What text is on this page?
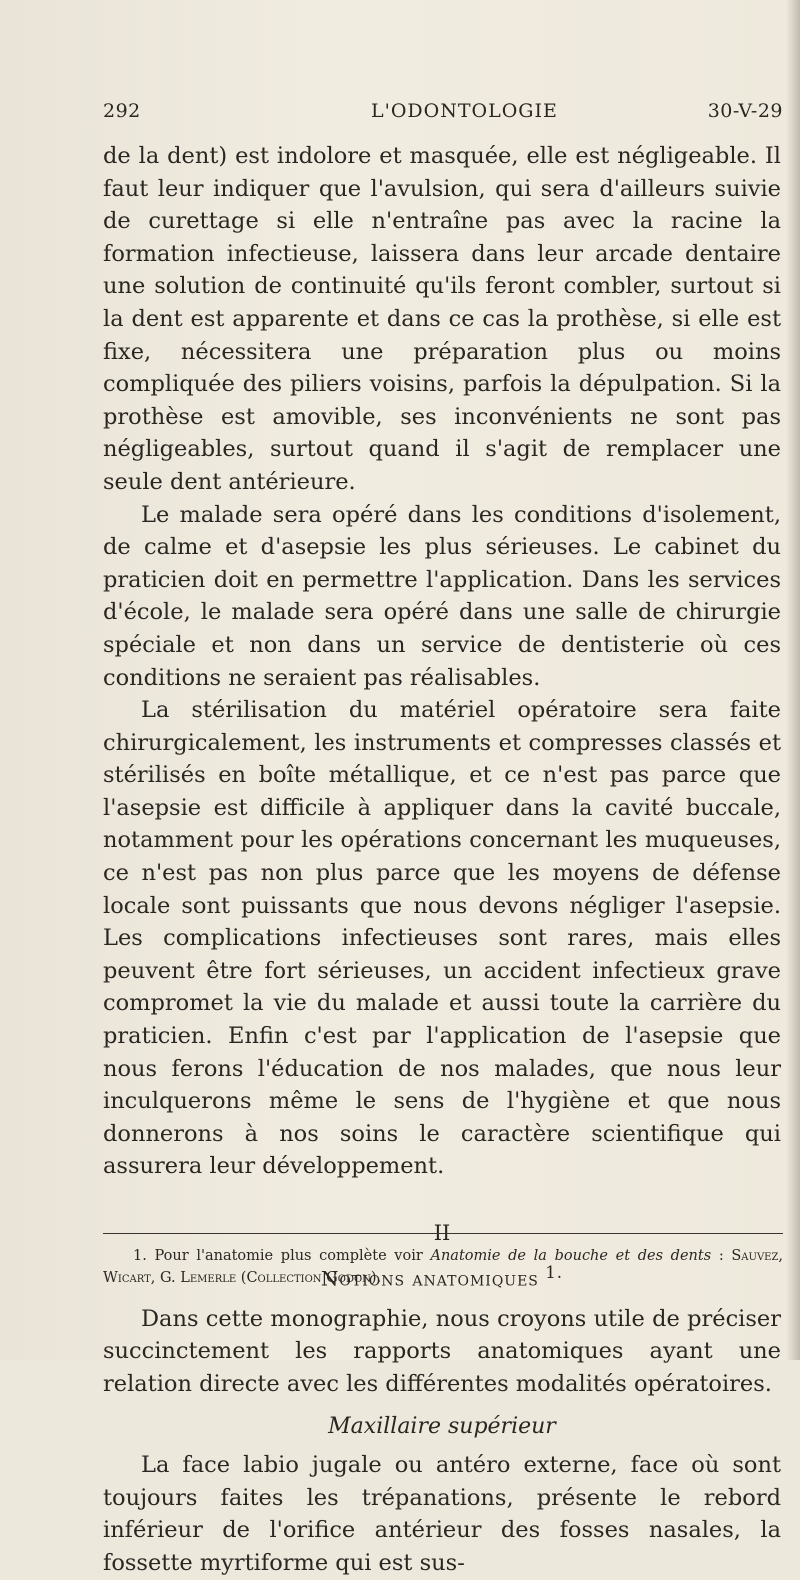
292	L'ODONTOLOGIE	30-V-29

de la dent) est indolore et masquée, elle est négligeable. Il faut leur indiquer que l'avulsion, qui sera d'ailleurs suivie de curettage si elle n'entraîne pas avec la racine la formation infectieuse, laissera dans leur arcade dentaire une solution de continuité qu'ils feront combler, surtout si la dent est apparente et dans ce cas la prothèse, si elle est fixe, nécessitera une préparation plus ou moins compliquée des piliers voisins, parfois la dépulpation. Si la prothèse est amovible, ses inconvénients ne sont pas négligeables, surtout quand il s'agit de remplacer une seule dent antérieure.

Le malade sera opéré dans les conditions d'isolement, de calme et d'asepsie les plus sérieuses. Le cabinet du praticien doit en permettre l'application. Dans les services d'école, le malade sera opéré dans une salle de chirurgie spéciale et non dans un service de dentisterie où ces conditions ne seraient pas réalisables.

La stérilisation du matériel opératoire sera faite chirurgicalement, les instruments et compresses classés et stérilisés en boîte métallique, et ce n'est pas parce que l'asepsie est difficile à appliquer dans la cavité buccale, notamment pour les opérations concernant les muqueuses, ce n'est pas non plus parce que les moyens de défense locale sont puissants que nous devons négliger l'asepsie. Les complications infectieuses sont rares, mais elles peuvent être fort sérieuses, un accident infectieux grave compromet la vie du malade et aussi toute la carrière du praticien. Enfin c'est par l'application de l'asepsie que nous ferons l'éducation de nos malades, que nous leur inculquerons même le sens de l'hygiène et que nous donnerons à nos soins le caractère scientifique qui assurera leur développement.

II
Notions anatomiques $^{1.}$

Dans cette monographie, nous croyons utile de préciser succinctement les rapports anatomiques ayant une relation directe avec les différentes modalités opératoires.

Maxillaire supérieur

La face labio jugale ou antéro externe, face où sont toujours faites les trépanations, présente le rebord inférieur de l'orifice antérieur des fosses nasales, la fossette myrtiforme qui est sus-

1. Pour l'anatomie plus complète voir Anatomie de la bouche et des dents : Sauvez, Wicart, G. Lemerle (Collection Godon).
